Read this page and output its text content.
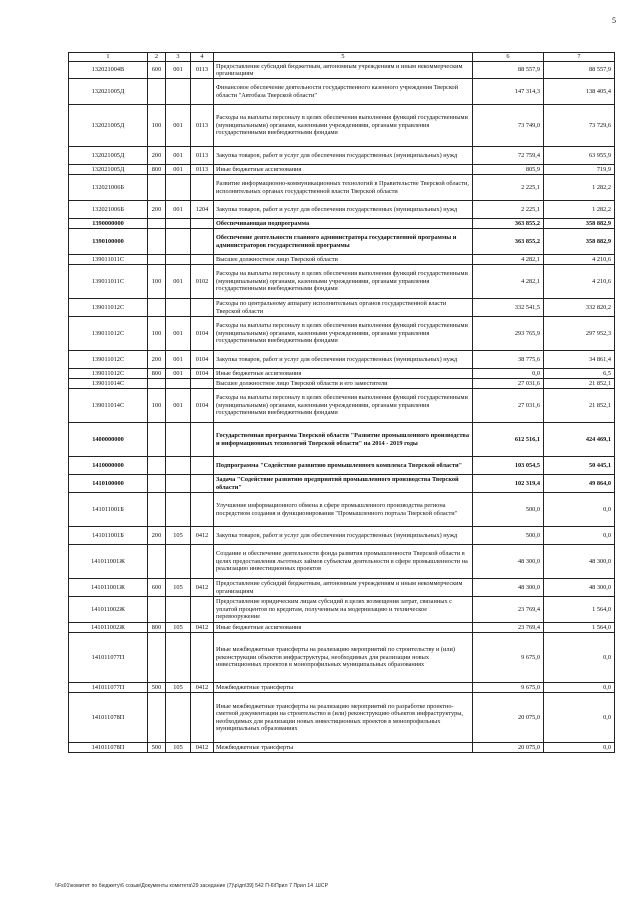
5
1	2	3	4	5	6	7
132021004В	600	001	0113	Предоставление субсидий бюджетным, автономным учреждениям и иным некоммерческим организациям	88 557,9	88 557,9
132021005Д				Финансовое обеспечение деятельности государственного казенного учреждения Тверской области "Автобаза Тверской области"	147 314,3	138 405,4
132021005Д	100	001	0113	Расходы на выплаты персоналу в целях обеспечения выполнения функций государственными (муниципальными) органами, казенными учреждениями, органами управления государственными внебюджетными фондами	73 749,0	73 729,6
132021005Д	200	001	0113	Закупка товаров, работ и услуг для обеспечения государственных (муниципальных) нужд	72 759,4	63 955,9
132021005Д	800	001	0113	Иные бюджетные ассигнования	805,9	719,9
132021006Б				Развитие информационно-коммуникационных технологий в Правительстве Тверской области, исполнительных органах государственной власти Тверской области	2 225,1	1 282,2
132021006Б	200	001	1204	Закупка товаров, работ и услуг для обеспечения государственных (муниципальных) нужд	2 225,1	1 282,2
1390000000				Обеспечивающая подпрограмма	363 855,2	358 882,9
1390100000				Обеспечение деятельности главного администратора государственной программы и администраторов государственной программы	363 855,2	358 882,9
139011011С				Высшее должностное лицо Тверской области	4 282,1	4 210,6
139011011С	100	001	0102	Расходы на выплаты персоналу в целях обеспечения выполнения функций государственными (муниципальными) органами, казенными учреждениями, органами управления государственными внебюджетными фондами	4 282,1	4 210,6
139011012С				Расходы по центральному аппарату исполнительных органов государственной власти Тверской области	332 541,5	332 820,2
139011012С	100	001	0104	Расходы на выплаты персоналу в целях обеспечения выполнения функций государственными (муниципальными) органами, казенными учреждениями, органами управления государственными внебюджетными фондами	293 765,9	297 952,3
139011012С	200	001	0104	Закупка товаров, работ и услуг для обеспечения государственных (муниципальных) нужд	38 775,6	34 861,4
139011012С	800	001	0104	Иные бюджетные ассигнования	0,0	6,5
139011014С				Высшее должностное лицо Тверской области и его заместители	27 031,6	21 852,1
139011014С	100	001	0104	Расходы на выплаты персоналу в целях обеспечения выполнения функций государственными (муниципальными) органами, казенными учреждениями, органами управления государственными внебюджетными фондами	27 031,6	21 852,1
1400000000				Государственная программа Тверской области "Развитие промышленного производства и информационных технологий Тверской области" на 2014 - 2019 годы	612 516,1	424 469,1
1410000000				Подпрограмма "Содействие развитию промышленного комплекса Тверской области"	103 054,5	50 445,1
1410100000				Задача "Содействие развитию предприятий промышленного производства Тверской области"	102 319,4	49 864,0
141011001Б				Улучшение информационного обмена в сфере промышленного производства региона посредством создания и функционирования "Промышленного портала Тверской области"	500,0	0,0
141011001Б	200	105	0412	Закупка товаров, работ и услуг для обеспечения государственных (муниципальных) нужд	500,0	0,0
141011001Ж				Создание и обеспечение деятельности фонда развития промышленности Тверской области в целях предоставления льготных займов субъектам деятельности в сфере промышленности на реализацию инвестиционных проектов	48 300,0	48 300,0
141011001Ж	600	105	0412	Предоставление субсидий бюджетным, автономным учреждениям и иным некоммерческим организациям	48 300,0	48 300,0
141011002Ж				Предоставление юридическим лицам субсидий в целях возмещения затрат, связанных с уплатой процентов по кредитам, полученным на модернизацию и техническое перевооружение	23 769,4	1 564,0
141011002Ж	800	105	0412	Иные бюджетные ассигнования	23 769,4	1 564,0
141011077П				Иные межбюджетные трансферты на реализацию мероприятий по строительству и (или) реконструкции объектов инфраструктуры, необходимых для реализации новых инвестиционных проектов в монопрофильных муниципальных образованиях	9 675,0	0,0
141011077П	500	105	0412	Межбюджетные трансферты	9 675,0	0,0
141011078П				Иные межбюджетные трансферты на реализацию мероприятий по разработке проектно-сметной документации на строительство и (или) реконструкцию объектов инфраструктуры, необходимых для реализации новых инвестиционных проектов в монопрофильных муниципальных образованиях	20 075,0	0,0
141011078П	500	105	0412	Межбюджетные трансферты	20 075,0	0,0
\\Fs01\комитет по бюджету\6 созыв\Документы комитета\29 заседание (7)\р\дп\39] 542 П-6\Прил 7 Прил 14 .ШСР
